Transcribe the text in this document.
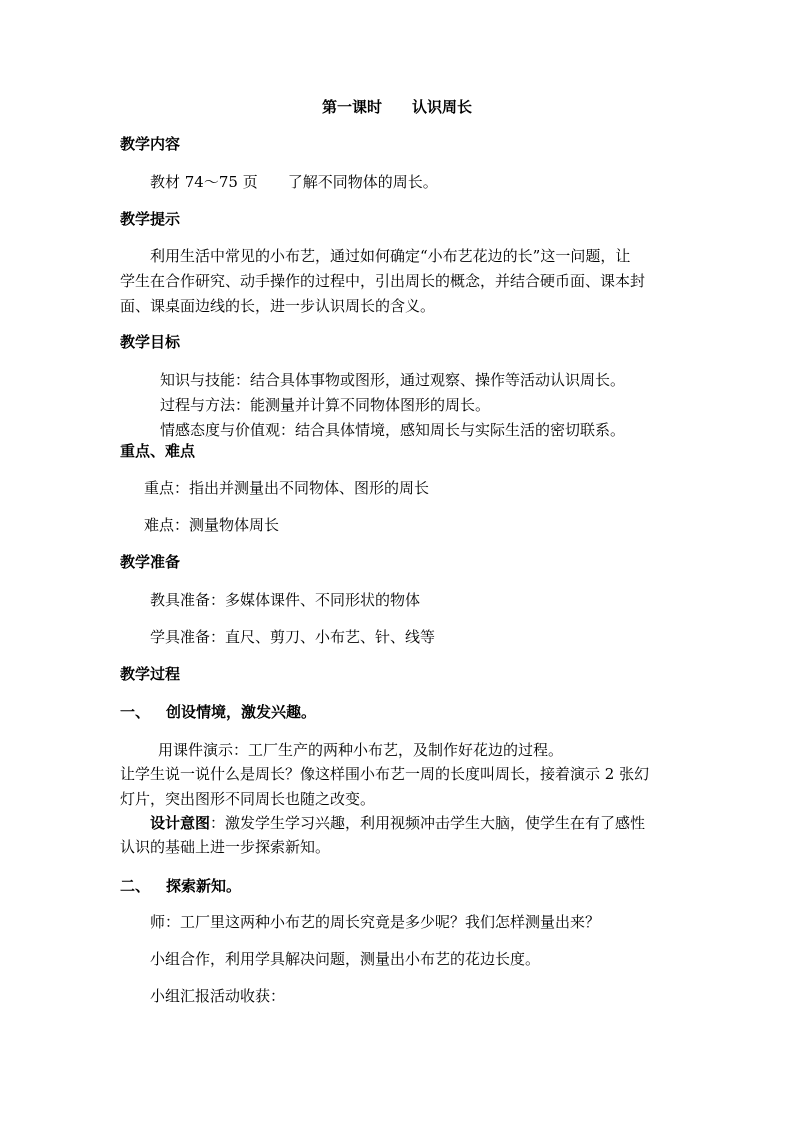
第一课时 认识周长
教学内容
教材 74～75 页 了解不同物体的周长。
教学提示
利用生活中常见的小布艺，通过如何确定“小布艺花边的长”这一问题，让
学生在合作研究、动手操作的过程中，引出周长的概念，并结合硬币面、课本封
面、课桌面边线的长，进一步认识周长的含义。
教学目标
知识与技能：结合具体事物或图形，通过观察、操作等活动认识周长。
过程与方法：能测量并计算不同物体图形的周长。
情感态度与价值观：结合具体情境，感知周长与实际生活的密切联系。
重点、难点
重点：指出并测量出不同物体、图形的周长
难点：测量物体周长
教学准备
教具准备：多媒体课件、不同形状的物体
学具准备：直尺、剪刀、小布艺、针、线等
教学过程
一、 创设情境，激发兴趣。
用课件演示：工厂生产的两种小布艺，及制作好花边的过程。
让学生说一说什么是周长？像这样围小布艺一周的长度叫周长，接着演示 2 张幻
灯片，突出图形不同周长也随之改变。
设计意图：激发学生学习兴趣，利用视频冲击学生大脑，使学生在有了感性
认识的基础上进一步探索新知。
二、 探索新知。
师：工厂里这两种小布艺的周长究竟是多少呢？我们怎样测量出来？
小组合作，利用学具解决问题，测量出小布艺的花边长度。
小组汇报活动收获：
